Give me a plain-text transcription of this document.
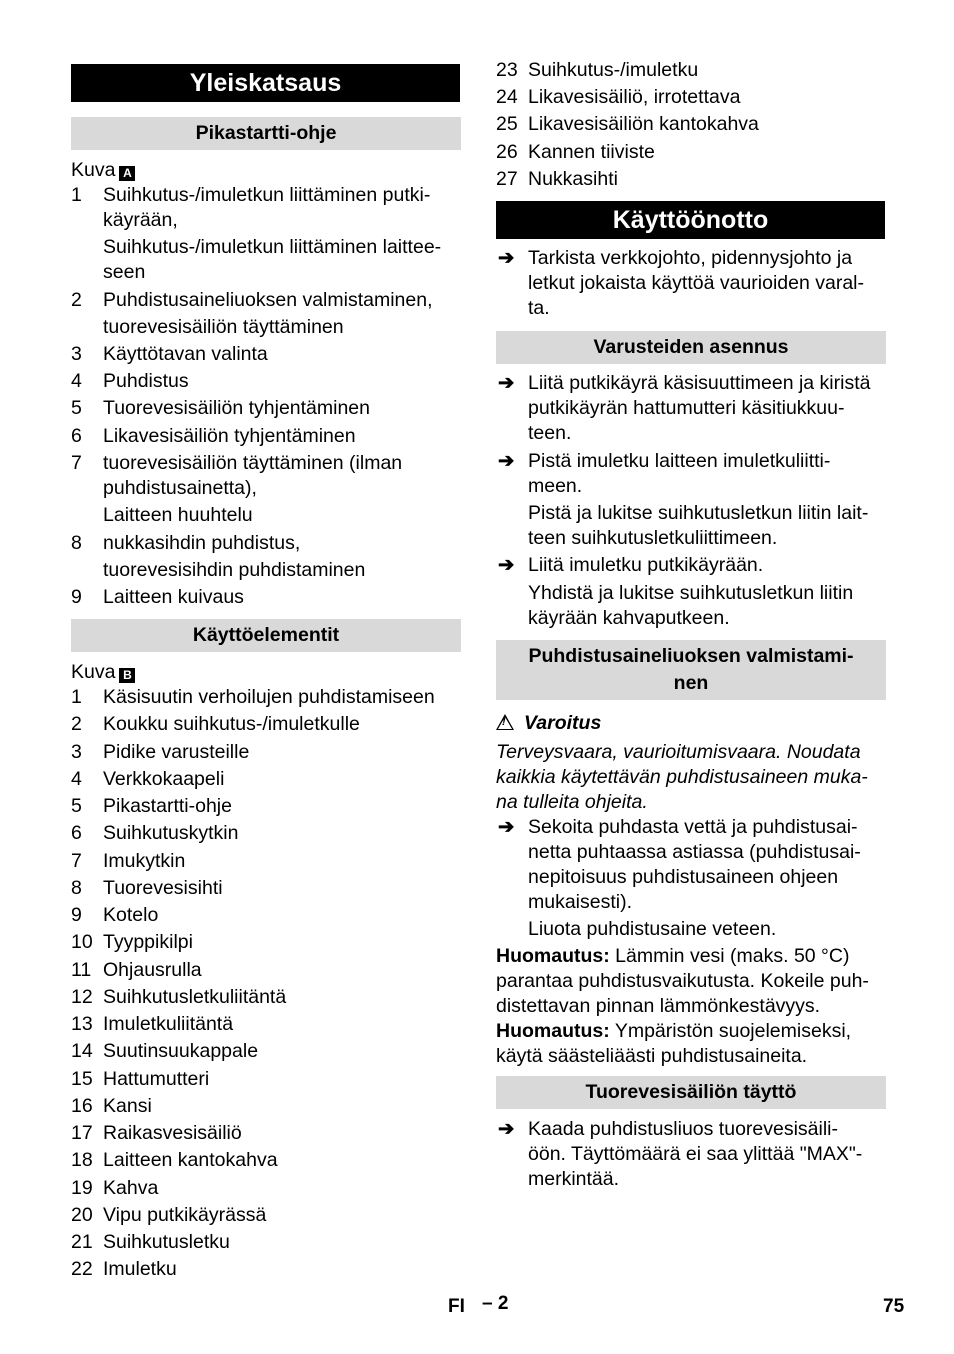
Yleiskatsaus
Pikastartti-ohje
Kuva A
1 Suihkutus-/imuletkun liittäminen putki-
käyrään,
Suihkutus-/imuletkun liittäminen laittee-
seen
2 Puhdistusaineliuoksen valmistaminen,
tuorevesisäiliön täyttäminen
3 Käyttötavan valinta
4 Puhdistus
5 Tuorevesisäiliön tyhjentäminen
6 Likavesisäiliön tyhjentäminen
7 tuorevesisäiliön täyttäminen (ilman
puhdistusainetta),
Laitteen huuhtelu
8 nukkasihdin puhdistus,
tuorevesisihdin puhdistaminen
9 Laitteen kuivaus
Käyttöelementit
Kuva B
1 Käsisuutin verhoilujen puhdistamiseen
2 Koukku suihkutus-/imuletkulle
3 Pidike varusteille
4 Verkkokaapeli
5 Pikastartti-ohje
6 Suihkutuskytkin
7 Imukytkin
8 Tuorevesisihti
9 Kotelo
10 Tyyppikilpi
11 Ohjausrulla
12 Suihkutusletkuliitäntä
13 Imuletkuliitäntä
14 Suutinsuukappale
15 Hattumutteri
16 Kansi
17 Raikasvesisäiliö
18 Laitteen kantokahva
19 Kahva
20 Vipu putkikäyrässä
21 Suihkutusletku
22 Imuletku
23 Suihkutus-/imuletku
24 Likavesisäiliö, irrotettava
25 Likavesisäiliön kantokahva
26 Kannen tiiviste
27 Nukkasihti
Käyttöönotto
➔ Tarkista verkkojohto, pidennysjohto ja
letkut jokaista käyttöä vaurioiden varal-
ta.
Varusteiden asennus
➔ Liitä putkikäyrä käsisuuttimeen ja kiristä
putkikäyrän hattumutteri käsitiukkuu-
teen.
➔ Pistä imuletku laitteen imuletkuliitti-
meen.
Pistä ja lukitse suihkutusletkun liitin lait-
teen suihkutusletkuliittimeen.
➔ Liitä imuletku putkikäyrään.
Yhdistä ja lukitse suihkutusletkun liitin
käyrään kahvaputkeen.
Puhdistusaineliuoksen valmistami-
nen
!Varoitus
Terveysvaara, vaurioitumisvaara. Noudata
kaikkia käytettävän puhdistusaineen muka-
na tulleita ohjeita.
➔ Sekoita puhdasta vettä ja puhdistusai-
netta puhtaassa astiassa (puhdistusai-
nepitoisuus puhdistusaineen ohjeen
mukaisesti).
Liuota puhdistusaine veteen.
Huomautus: Lämmin vesi (maks. 50 °C)
parantaa puhdistusvaikutusta. Kokeile puh-
distettavan pinnan lämmönkestävyys.
Huomautus: Ympäristön suojelemiseksi,
käytä säästeliäästi puhdistusaineita.
Tuorevesisäiliön täyttö
➔ Kaada puhdistusliuos tuorevesisäili-
öön. Täyttömäärä ei saa ylittää "MAX"-
merkintää.
FI – 2	75
